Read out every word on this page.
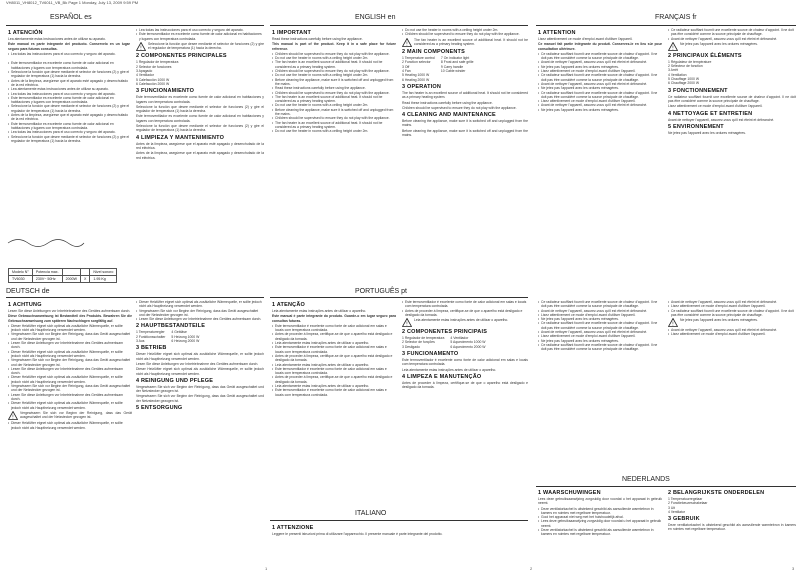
VH8011_VH8012_TV6011_VB_Bk Page 1 Monday, July 13, 2009 9:59 PM
ESPAÑOL es	ENGLISH en	FRANÇAIS fr
1 ATENCIÓN
Lea atentamente estas instrucciones antes de utilizar su aparato.
Este manual es parte integrante del producto. Conservelo en un lugar seguro para futuras consultas.
• Lea todas las instrucciones para el uso correcto y seguro del aparato.

• Este termoventilador es excelente como fuente de calor adicional en habitaciones y lugares con temperatura controlada.
• Seleccione la función que desee mediante el selector de funciones (2) y gire el regulador de temperatura (1) hacia la derecha.
• Antes de la limpieza, asegúrese que el aparato esté apagado y desenchufado de la red eléctrica.
• Lea atentamente estas instrucciones antes de utilizar su aparato.
• Lea todas las instrucciones para el uso correcto y seguro del aparato.
• Este termoventilador es excelente como fuente de calor adicional en habitaciones y lugares con temperatura controlada.
• Seleccione la función que desee mediante el selector de funciones (2) y gire el regulador de temperatura (1) hacia la derecha.
• Antes de la limpieza, asegúrese que el aparato esté apagado y desenchufado de la red eléctrica.
• Este termoventilador es excelente como fuente de calor adicional en habitaciones y lugares con temperatura controlada.
• Lea todas las instrucciones para el uso correcto y seguro del aparato.
• Seleccione la función que desee mediante el selector de funciones (2) y gire el regulador de temperatura (1) hacia la derecha.
Modelo N°	Potencia max.			Nivel sonoro
TV6030	230V~ 50Hz	2000W	X	1.95 Kg
• Lea todas las instrucciones para el uso correcto y seguro del aparato.
• Este termoventilador es excelente como fuente de calor adicional en habitaciones y lugares con temperatura controlada.
!
Seleccione la función que desee mediante el selector de funciones (2) y gire el regulador de temperatura (1) hacia la derecha.
2 COMPONENTES PRINCIPALES
1 Regulador de temperatura
2 Selector de funciones
3 Apagado
4 Ventilador
5 Calefacción 1000 W
6 Calefacción 2000 W
3 FUNCIONAMIENTO
Este termoventilador es excelente como fuente de calor adicional en habitaciones y lugares con temperatura controlada.
Seleccione la función que desee mediante el selector de funciones (2) y gire el regulador de temperatura (1) hacia la derecha.
Este termoventilador es excelente como fuente de calor adicional en habitaciones y lugares con temperatura controlada.
Seleccione la función que desee mediante el selector de funciones (2) y gire el regulador de temperatura (1) hacia la derecha.
4 LIMPIEZA Y MANTENIMIENTO
Antes de la limpieza, asegúrese que el aparato esté apagado y desenchufado de la red eléctrica.
Antes de la limpieza, asegúrese que el aparato esté apagado y desenchufado de la red eléctrica.
1 IMPORTANT
Read these instructions carefully before using the appliance.
This manual is part of the product. Keep it in a safe place for future reference.
• Children should be supervised to ensure they do not play with the appliance.
• Do not use the heater in rooms with a ceiling height under 2m.
• The fan heater is an excellent source of additional heat. It should not be considered as a primary heating system.
• Children should be supervised to ensure they do not play with the appliance.
• Do not use the heater in rooms with a ceiling height under 2m.
• Before cleaning the appliance, make sure it is switched off and unplugged from the mains.
• Read these instructions carefully before using the appliance.
• Children should be supervised to ensure they do not play with the appliance.
• The fan heater is an excellent source of additional heat. It should not be considered as a primary heating system.
• Do not use the heater in rooms with a ceiling height under 2m.
• Before cleaning the appliance, make sure it is switched off and unplugged from the mains.
• Children should be supervised to ensure they do not play with the appliance.
• The fan heater is an excellent source of additional heat. It should not be considered as a primary heating system.
• Do not use the heater in rooms with a ceiling height under 2m.
• Do not use the heater in rooms with a ceiling height under 2m.
• Children should be supervised to ensure they do not play with the appliance.
!
The fan heater is an excellent source of additional heat. It should not be considered as a primary heating system.
2 MAIN COMPONENTS
1 Temperature control
2 Function selector
3 Off
4 Fan
5 Heating 1000 W
6 Heating 2000 W
7 On indicator light
8 Frost and safe grille
9 Carry handle
10 Cable winder
3 OPERATION
The fan heater is an excellent source of additional heat. It should not be considered as a primary heating system.
Read these instructions carefully before using the appliance.
Children should be supervised to ensure they do not play with the appliance.
4 CLEANING AND MAINTENANCE
Before cleaning the appliance, make sure it is switched off and unplugged from the mains.
Before cleaning the appliance, make sure it is switched off and unplugged from the mains.
1 ATTENTION
Lisez attentivement ce mode d'emploi avant d'utiliser l'appareil.
Ce manuel fait partie intégrante du produit. Conservez-le en lieu sûr pour consultation ultérieure.
• Ce radiateur soufflant fournit une excellente source de chaleur d'appoint. Il ne doit pas être considéré comme la source principale de chauffage.
• Avant de nettoyer l'appareil, assurez-vous qu'il est éteint et débranché.
• Ne jetez pas l'appareil avec les ordures ménagères.
• Lisez attentivement ce mode d'emploi avant d'utiliser l'appareil.
• Ce radiateur soufflant fournit une excellente source de chaleur d'appoint. Il ne doit pas être considéré comme la source principale de chauffage.
• Avant de nettoyer l'appareil, assurez-vous qu'il est éteint et débranché.
• Ne jetez pas l'appareil avec les ordures ménagères.
• Ce radiateur soufflant fournit une excellente source de chaleur d'appoint. Il ne doit pas être considéré comme la source principale de chauffage.
• Lisez attentivement ce mode d'emploi avant d'utiliser l'appareil.
• Avant de nettoyer l'appareil, assurez-vous qu'il est éteint et débranché.
• Ne jetez pas l'appareil avec les ordures ménagères.
• Ce radiateur soufflant fournit une excellente source de chaleur d'appoint. Il ne doit pas être considéré comme la source principale de chauffage.
• Avant de nettoyer l'appareil, assurez-vous qu'il est éteint et débranché.
!
Ne jetez pas l'appareil avec les ordures ménagères.
2 PRINCIPAUX ÉLÉMENTS
1 Régulateur de température
2 Sélecteur de fonction
3 Arrêt
4 Ventilation
5 Chauffage 1000 W
6 Chauffage 2000 W
3 FONCTIONNEMENT
Ce radiateur soufflant fournit une excellente source de chaleur d'appoint. Il ne doit pas être considéré comme la source principale de chauffage.
Lisez attentivement ce mode d'emploi avant d'utiliser l'appareil.
4 NETTOYAGE ET ENTRETIEN
Avant de nettoyer l'appareil, assurez-vous qu'il est éteint et débranché.
5 ENVIRONNEMENT
Ne jetez pas l'appareil avec les ordures ménagères.
DEUTSCH de	PORTUGUÊS pt
1 ACHTUNG
Lesen Sie diese Anleitungen vor Inbetriebnahme des Gerätes aufmerksam durch.
Diese Gebrauchsanweisung ist Bestandteil des Produkts. Bewahren Sie die Gebrauchsanweisung zum späteren Nachschlagen sorgfältig auf.
• Dieser Heizlüfter eignet sich optimal als zusätzliche Wärmequelle, er sollte jedoch nicht als Hauptheizung verwendet werden.
• Vergewissern Sie sich vor Beginn der Reinigung, dass das Gerät ausgeschaltet und der Netzstecker gezogen ist.
• Lesen Sie diese Anleitungen vor Inbetriebnahme des Gerätes aufmerksam durch.
• Dieser Heizlüfter eignet sich optimal als zusätzliche Wärmequelle, er sollte jedoch nicht als Hauptheizung verwendet werden.
• Vergewissern Sie sich vor Beginn der Reinigung, dass das Gerät ausgeschaltet und der Netzstecker gezogen ist.
• Lesen Sie diese Anleitungen vor Inbetriebnahme des Gerätes aufmerksam durch.
• Dieser Heizlüfter eignet sich optimal als zusätzliche Wärmequelle, er sollte jedoch nicht als Hauptheizung verwendet werden.
• Vergewissern Sie sich vor Beginn der Reinigung, dass das Gerät ausgeschaltet und der Netzstecker gezogen ist.
• Lesen Sie diese Anleitungen vor Inbetriebnahme des Gerätes aufmerksam durch.
• Dieser Heizlüfter eignet sich optimal als zusätzliche Wärmequelle, er sollte jedoch nicht als Hauptheizung verwendet werden.
!
Vergewissern Sie sich vor Beginn der Reinigung, dass das Gerät ausgeschaltet und der Netzstecker gezogen ist.
• Dieser Heizlüfter eignet sich optimal als zusätzliche Wärmequelle, er sollte jedoch nicht als Hauptheizung verwendet werden.
• Dieser Heizlüfter eignet sich optimal als zusätzliche Wärmequelle, er sollte jedoch nicht als Hauptheizung verwendet werden.
• Vergewissern Sie sich vor Beginn der Reinigung, dass das Gerät ausgeschaltet und der Netzstecker gezogen ist.
• Lesen Sie diese Anleitungen vor Inbetriebnahme des Gerätes aufmerksam durch.
2 HAUPTBESTANDTEILE
1 Temperaturregler
2 Funktionsschalter
3 Aus
4 Gebläse
5 Heizung 1000 W
6 Heizung 2000 W
3 BETRIEB
Dieser Heizlüfter eignet sich optimal als zusätzliche Wärmequelle, er sollte jedoch nicht als Hauptheizung verwendet werden.
Lesen Sie diese Anleitungen vor Inbetriebnahme des Gerätes aufmerksam durch.
Dieser Heizlüfter eignet sich optimal als zusätzliche Wärmequelle, er sollte jedoch nicht als Hauptheizung verwendet werden.
4 REINIGUNG UND PFLEGE
Vergewissern Sie sich vor Beginn der Reinigung, dass das Gerät ausgeschaltet und der Netzstecker gezogen ist.
Vergewissern Sie sich vor Beginn der Reinigung, dass das Gerät ausgeschaltet und der Netzstecker gezogen ist.
5 ENTSORGUNG
1 ATENÇÃO
Leia atentamente estas instruções antes de utilizar o aparelho.
Este manual é parte integrante do produto. Guarde-o em lugar seguro para consultas futuras.
• Este termoventilador é excelente como fonte de calor adicional em salas e locais com temperatura controlada.
• Antes de proceder à limpeza, certifique-se de que o aparelho está desligado e desligado da tomada.
• Leia atentamente estas instruções antes de utilizar o aparelho.
• Este termoventilador é excelente como fonte de calor adicional em salas e locais com temperatura controlada.
• Antes de proceder à limpeza, certifique-se de que o aparelho está desligado e desligado da tomada.
• Leia atentamente estas instruções antes de utilizar o aparelho.
• Este termoventilador é excelente como fonte de calor adicional em salas e locais com temperatura controlada.
• Antes de proceder à limpeza, certifique-se de que o aparelho está desligado e desligado da tomada.
• Leia atentamente estas instruções antes de utilizar o aparelho.
• Este termoventilador é excelente como fonte de calor adicional em salas e locais com temperatura controlada.
• Este termoventilador é excelente como fonte de calor adicional em salas e locais com temperatura controlada.
• Antes de proceder à limpeza, certifique-se de que o aparelho está desligado e desligado da tomada.
!
Leia atentamente estas instruções antes de utilizar o aparelho.
2 COMPONENTES PRINCIPAIS
1 Regulador de temperatura
2 Selector de funções
3 Desligado
4 Ventilador
5 Aquecimento 1000 W
6 Aquecimento 2000 W
3 FUNCIONAMENTO
Este termoventilador é excelente como fonte de calor adicional em salas e locais com temperatura controlada.
Leia atentamente estas instruções antes de utilizar o aparelho.
4 LIMPEZA E MANUTENÇÃO
Antes de proceder à limpeza, certifique-se de que o aparelho está desligado e desligado da tomada.
ITALIANO
1 ATTENZIONE
Leggere le presenti istruzioni prima di utilizzare l'apparecchio. Il presente manuale è parte integrante del prodotto.
• Ce radiateur soufflant fournit une excellente source de chaleur d'appoint. Il ne doit pas être considéré comme la source principale de chauffage.
• Avant de nettoyer l'appareil, assurez-vous qu'il est éteint et débranché.
• Lisez attentivement ce mode d'emploi avant d'utiliser l'appareil.
• Ne jetez pas l'appareil avec les ordures ménagères.
• Ce radiateur soufflant fournit une excellente source de chaleur d'appoint. Il ne doit pas être considéré comme la source principale de chauffage.
• Avant de nettoyer l'appareil, assurez-vous qu'il est éteint et débranché.
• Lisez attentivement ce mode d'emploi avant d'utiliser l'appareil.
• Ne jetez pas l'appareil avec les ordures ménagères.
• Ce radiateur soufflant fournit une excellente source de chaleur d'appoint. Il ne doit pas être considéré comme la source principale de chauffage.
• Avant de nettoyer l'appareil, assurez-vous qu'il est éteint et débranché.
• Lisez attentivement ce mode d'emploi avant d'utiliser l'appareil.
• Ce radiateur soufflant fournit une excellente source de chaleur d'appoint. Il ne doit pas être considéré comme la source principale de chauffage.
!
Ne jetez pas l'appareil avec les ordures ménagères.
• Avant de nettoyer l'appareil, assurez-vous qu'il est éteint et débranché.
• Lisez attentivement ce mode d'emploi avant d'utiliser l'appareil.
NEDERLANDS
1 WAARSCHUWINGEN
Lees deze gebruiksaanwijzing zorgvuldig door voordat u het apparaat in gebruik neemt.
• Deze ventilatorkachel is uitstekend geschikt als aanvullende warmtebron in kamers en ruimtes met regelbare temperatuur.
• Gooi het apparaat niet weg met het huishoudelijk afval.
• Lees deze gebruiksaanwijzing zorgvuldig door voordat u het apparaat in gebruik neemt.
• Deze ventilatorkachel is uitstekend geschikt als aanvullende warmtebron in kamers en ruimtes met regelbare temperatuur.
2 BELANGRIJKSTE ONDERDELEN
1 Temperatuurregelaar
2 Functiekeuzeschakelaar
3 Uit
4 Ventilator
3 GEBRUIK
Deze ventilatorkachel is uitstekend geschikt als aanvullende warmtebron in kamers en ruimtes met regelbare temperatuur.
1	2	3
